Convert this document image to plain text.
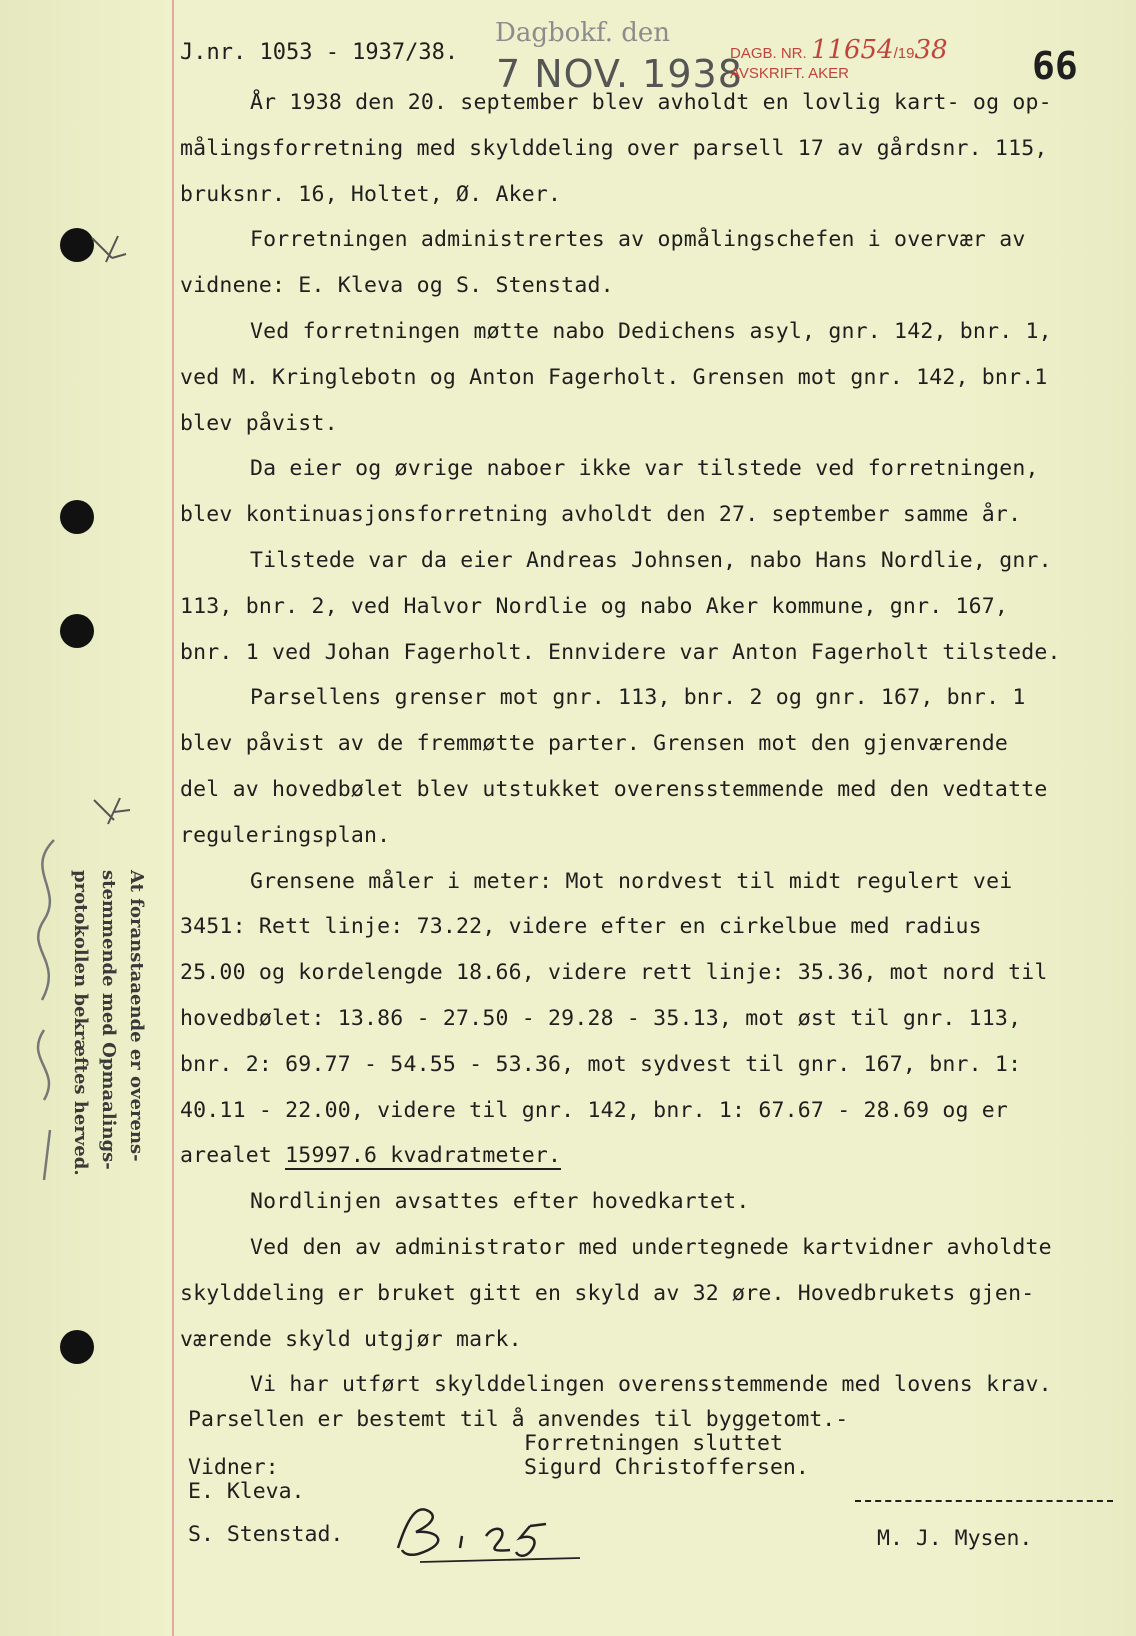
At foranstaaende er overens-
stemmende med Opmaalings-
protokollen bekræftes herved.
J.nr. 1053 - 1937/38.
Dagbokf. den
7 NOV. 1938
DAGB. NR. 11654/1938
AVSKRIFT. AKER	66

År 1938 den 20. september blev avholdt en lovlig kart- og op-

målingsforretning med skylddeling over parsell 17 av gårdsnr. 115,

bruksnr. 16, Holtet, Ø. Aker.

Forretningen administrertes av opmålingschefen i overvær av

vidnene: E. Kleva og S. Stenstad.

Ved forretningen møtte nabo Dedichens asyl, gnr. 142, bnr. 1,

ved M. Kringlebotn og Anton Fagerholt. Grensen mot gnr. 142, bnr.1

blev påvist.

Da eier og øvrige naboer ikke var tilstede ved forretningen,

blev kontinuasjonsforretning avholdt den 27. september samme år.

Tilstede var da eier Andreas Johnsen, nabo Hans Nordlie, gnr.

113, bnr. 2, ved Halvor Nordlie og nabo Aker kommune, gnr. 167,

bnr. 1 ved Johan Fagerholt. Ennvidere var Anton Fagerholt tilstede.

Parsellens grenser mot gnr. 113, bnr. 2 og gnr. 167, bnr. 1

blev påvist av de fremmøtte parter. Grensen mot den gjenværende

del av hovedbølet blev utstukket overensstemmende med den vedtatte

reguleringsplan.

Grensene måler i meter: Mot nordvest til midt regulert vei

3451: Rett linje: 73.22, videre efter en cirkelbue med radius

25.00 og kordelengde 18.66, videre rett linje: 35.36, mot nord til

hovedbølet: 13.86 - 27.50 - 29.28 - 35.13, mot øst til gnr. 113,

bnr. 2: 69.77 - 54.55 - 53.36, mot sydvest til gnr. 167, bnr. 1:

40.11 - 22.00, videre til gnr. 142, bnr. 1: 67.67 - 28.69 og er

arealet 15997.6 kvadratmeter.

Nordlinjen avsattes efter hovedkartet.

Ved den av administrator med undertegnede kartvidner avholdte

skylddeling er bruket gitt en skyld av 32 øre. Hovedbrukets gjen-

værende skyld utgjør mark.

Vi har utført skylddelingen overensstemmende med lovens krav.

Parsellen er bestemt til å anvendes til byggetomt.-
Forretningen sluttet
Vidner:	Sigurd Christoffersen.
E. Kleva.
S. Stenstad.
Bi 25
M. J. Mysen.
